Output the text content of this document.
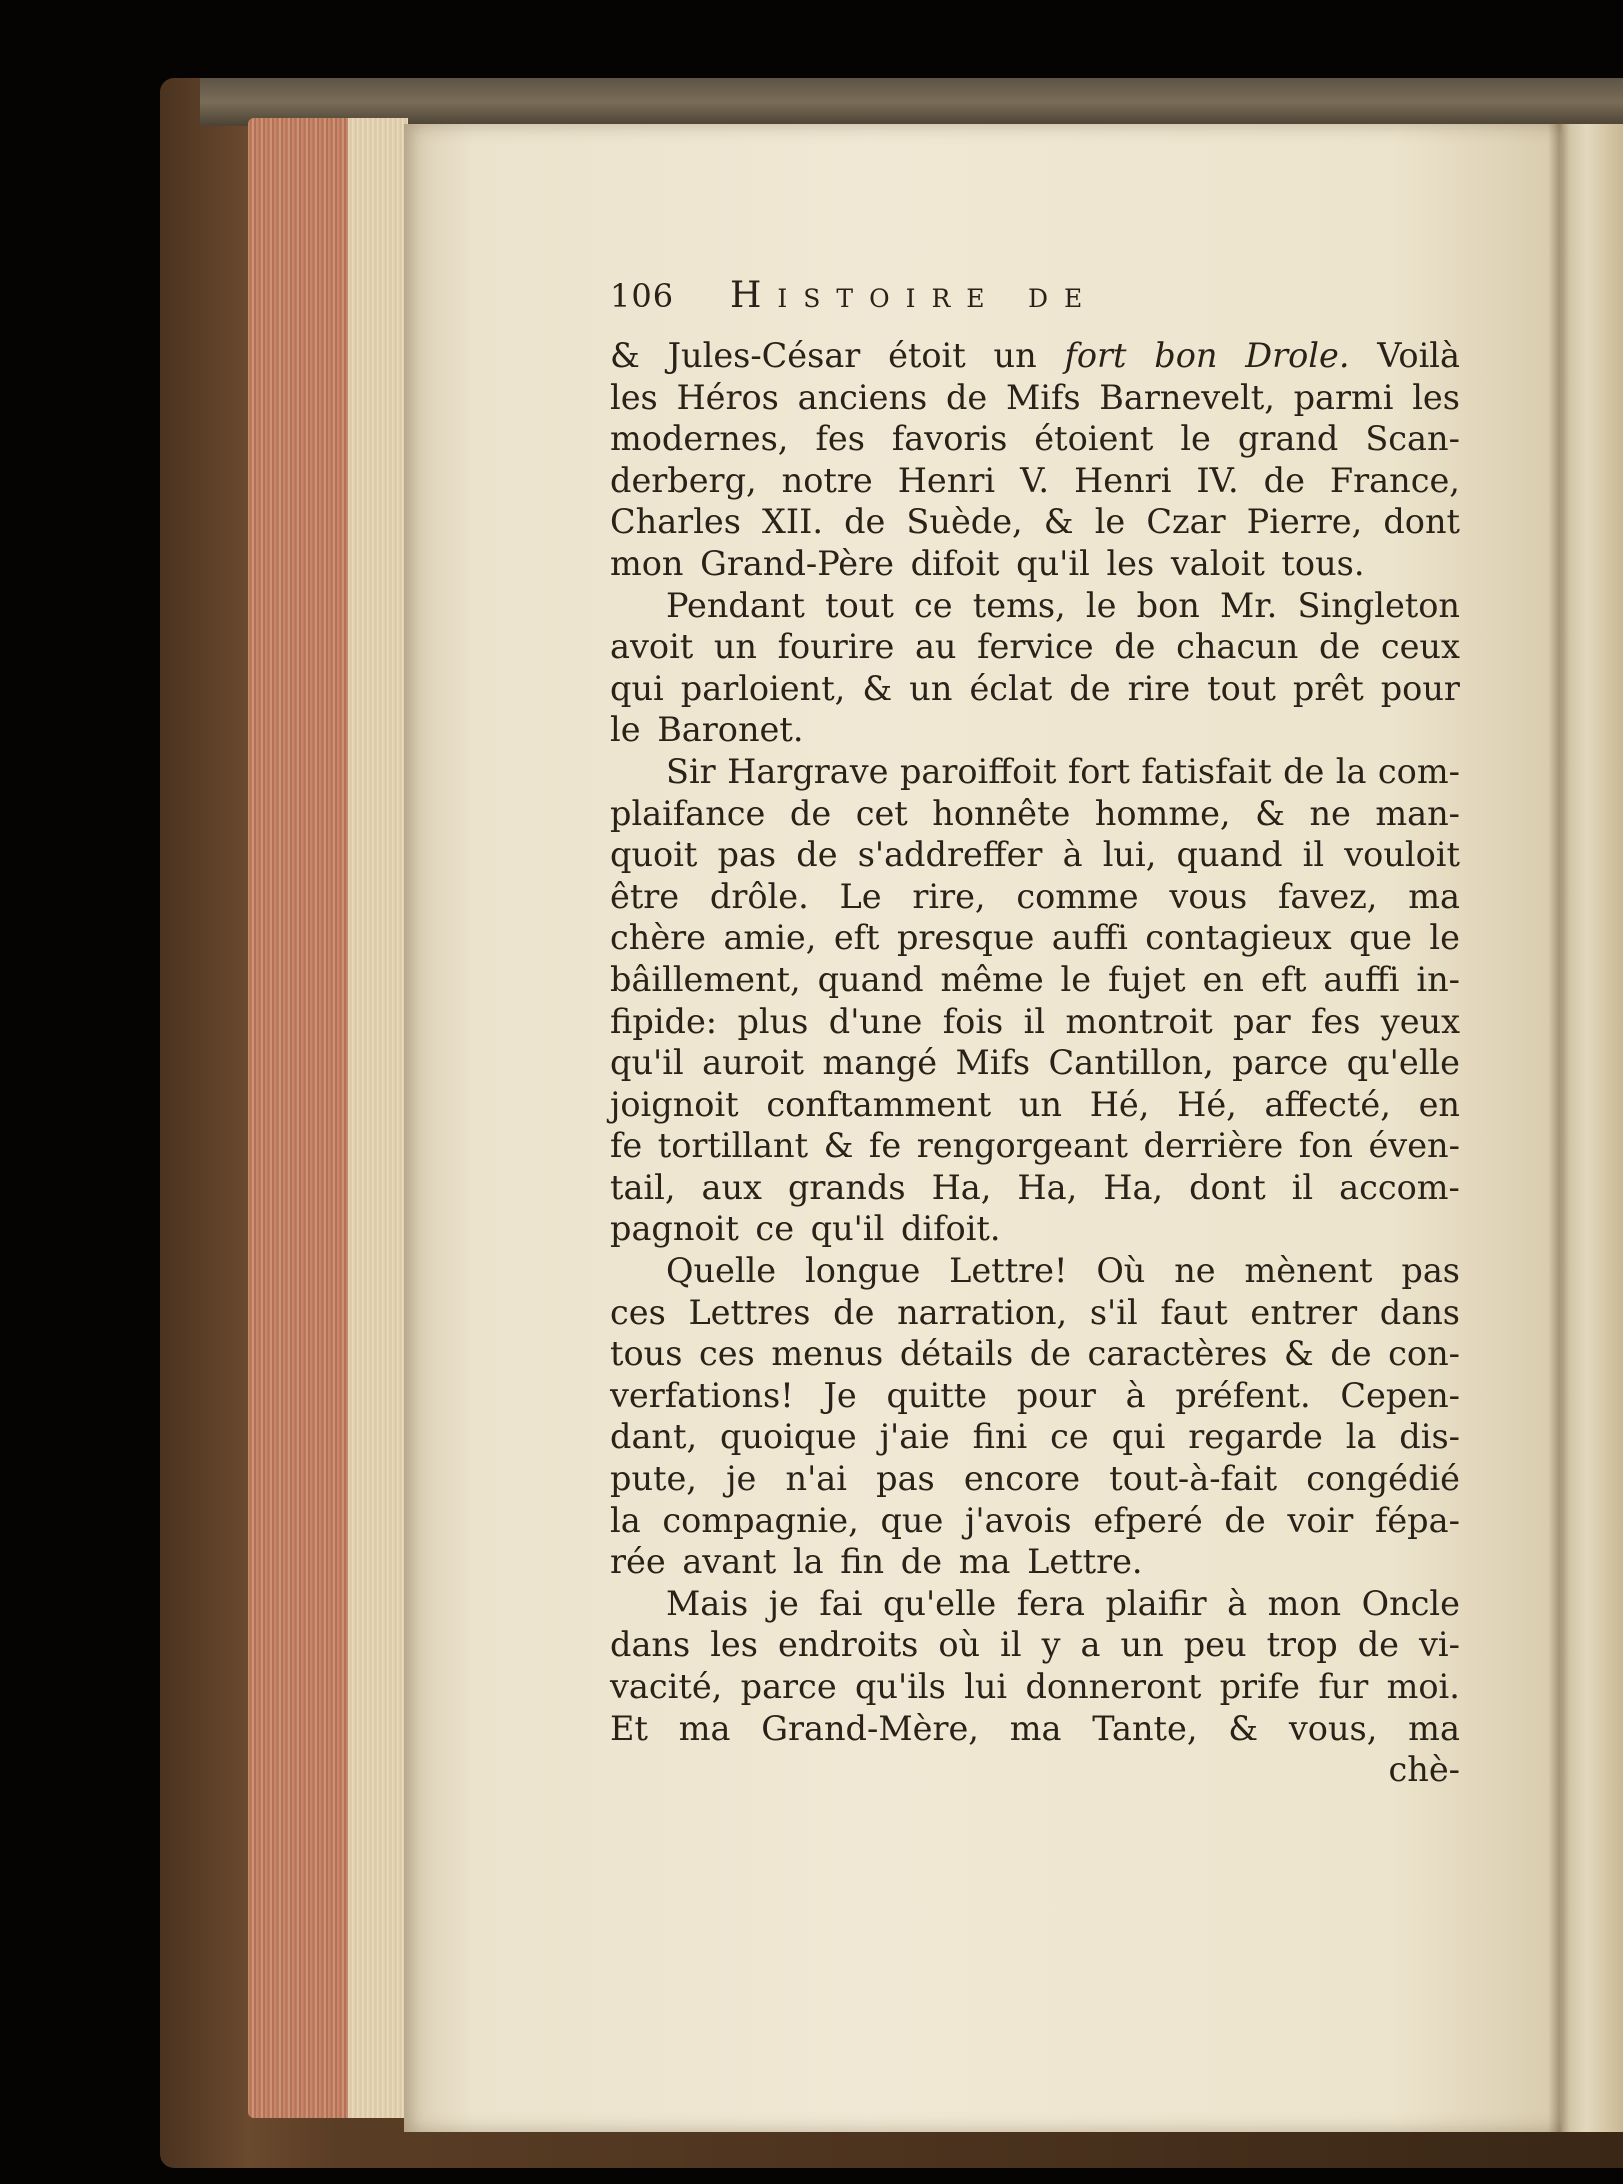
106	Histoire de
& Jules-César étoit un fort bon Drole. Voilà
les Héros anciens de Mifs Barnevelt, parmi les
modernes, fes favoris étoient le grand Scan-
derberg, notre Henri V. Henri IV. de France,
Charles XII. de Suède, & le Czar Pierre, dont
mon Grand-Père difoit qu'il les valoit tous.
Pendant tout ce tems, le bon Mr. Singleton
avoit un fourire au fervice de chacun de ceux
qui parloient, & un éclat de rire tout prêt pour
le Baronet.
Sir Hargrave paroiffoit fort fatisfait de la com-
plaifance de cet honnête homme, & ne man-
quoit pas de s'addreffer à lui, quand il vouloit
être drôle. Le rire, comme vous favez, ma
chère amie, eft presque auffi contagieux que le
bâillement, quand même le fujet en eft auffi in-
fipide: plus d'une fois il montroit par fes yeux
qu'il auroit mangé Mifs Cantillon, parce qu'elle
joignoit conftamment un Hé, Hé, affecté, en
fe tortillant & fe rengorgeant derrière fon éven-
tail, aux grands Ha, Ha, Ha, dont il accom-
pagnoit ce qu'il difoit.
Quelle longue Lettre! Où ne mènent pas
ces Lettres de narration, s'il faut entrer dans
tous ces menus détails de caractères & de con-
verfations! Je quitte pour à préfent. Cepen-
dant, quoique j'aie fini ce qui regarde la dis-
pute, je n'ai pas encore tout-à-fait congédié
la compagnie, que j'avois efperé de voir fépa-
rée avant la fin de ma Lettre.
Mais je fai qu'elle fera plaifir à mon Oncle
dans les endroits où il y a un peu trop de vi-
vacité, parce qu'ils lui donneront prife fur moi.
Et ma Grand-Mère, ma Tante, & vous, ma
chè-
